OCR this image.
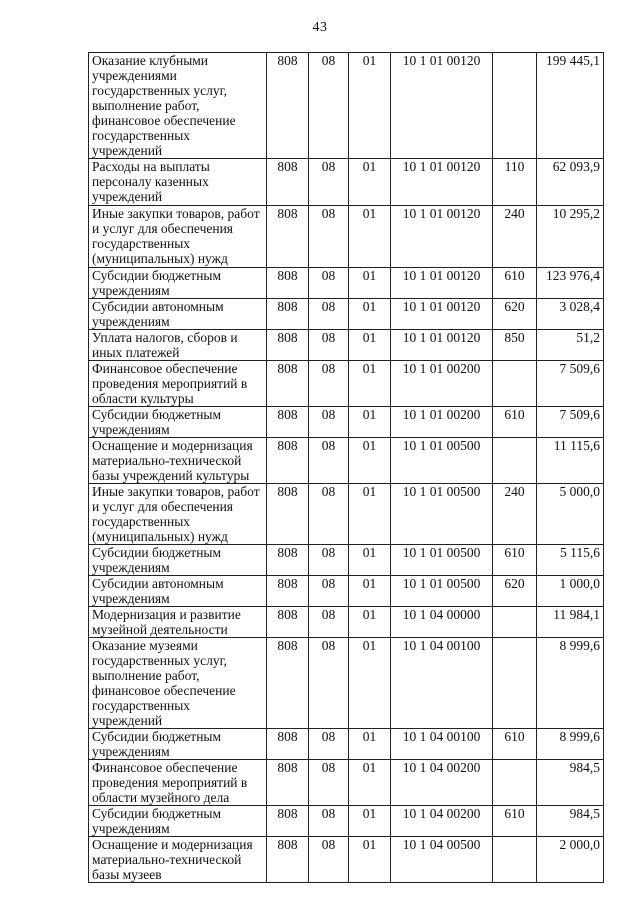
43
Оказание клубными учреждениями государственных услуг, выполнение работ, финансовое обеспечение государственных учреждений	808	08	01	10 1 01 00120		199 445,1
Расходы на выплаты персоналу казенных учреждений	808	08	01	10 1 01 00120	110	62 093,9
Иные закупки товаров, работ и услуг для обеспечения государственных (муниципальных) нужд	808	08	01	10 1 01 00120	240	10 295,2
Субсидии бюджетным учреждениям	808	08	01	10 1 01 00120	610	123 976,4
Субсидии автономным учреждениям	808	08	01	10 1 01 00120	620	3 028,4
Уплата налогов, сборов и иных платежей	808	08	01	10 1 01 00120	850	51,2
Финансовое обеспечение проведения мероприятий в области культуры	808	08	01	10 1 01 00200		7 509,6
Субсидии бюджетным учреждениям	808	08	01	10 1 01 00200	610	7 509,6
Оснащение и модернизация материально-технической базы учреждений культуры	808	08	01	10 1 01 00500		11 115,6
Иные закупки товаров, работ и услуг для обеспечения государственных (муниципальных) нужд	808	08	01	10 1 01 00500	240	5 000,0
Субсидии бюджетным учреждениям	808	08	01	10 1 01 00500	610	5 115,6
Субсидии автономным учреждениям	808	08	01	10 1 01 00500	620	1 000,0
Модернизация и развитие музейной деятельности	808	08	01	10 1 04 00000		11 984,1
Оказание музеями государственных услуг, выполнение работ, финансовое обеспечение государственных учреждений	808	08	01	10 1 04 00100		8 999,6
Субсидии бюджетным учреждениям	808	08	01	10 1 04 00100	610	8 999,6
Финансовое обеспечение проведения мероприятий в области музейного дела	808	08	01	10 1 04 00200		984,5
Субсидии бюджетным учреждениям	808	08	01	10 1 04 00200	610	984,5
Оснащение и модернизация материально-технической базы музеев	808	08	01	10 1 04 00500		2 000,0
